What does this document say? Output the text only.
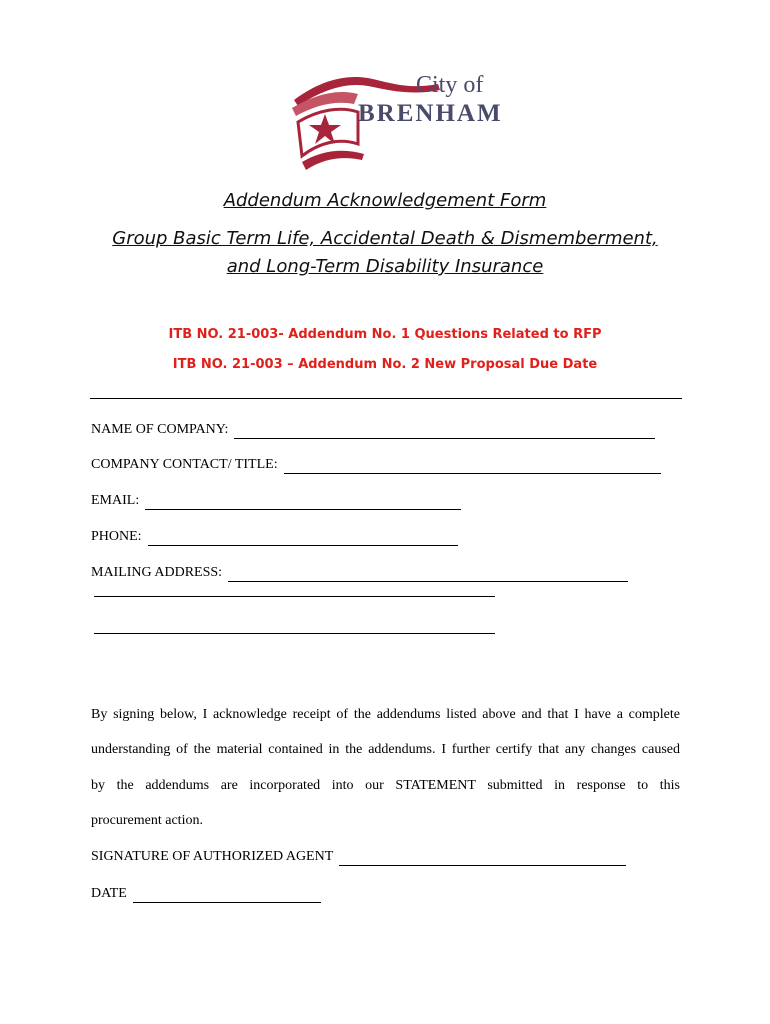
City of
BRENHAM
Addendum Acknowledgement Form
Group Basic Term Life, Accidental Death & Dismemberment,
and Long-Term Disability Insurance
ITB NO. 21-003- Addendum No. 1 Questions Related to RFP
ITB NO. 21-003 – Addendum No. 2 New Proposal Due Date
NAME OF COMPANY:
COMPANY CONTACT/ TITLE:
EMAIL:
PHONE:
MAILING ADDRESS:
By signing below, I acknowledge receipt of the addendums listed above and that I have a complete
understanding of the material contained in the addendums. I further certify that any changes caused
by the addendums are incorporated into our STATEMENT submitted in response to this
procurement action.
SIGNATURE OF AUTHORIZED AGENT
DATE
